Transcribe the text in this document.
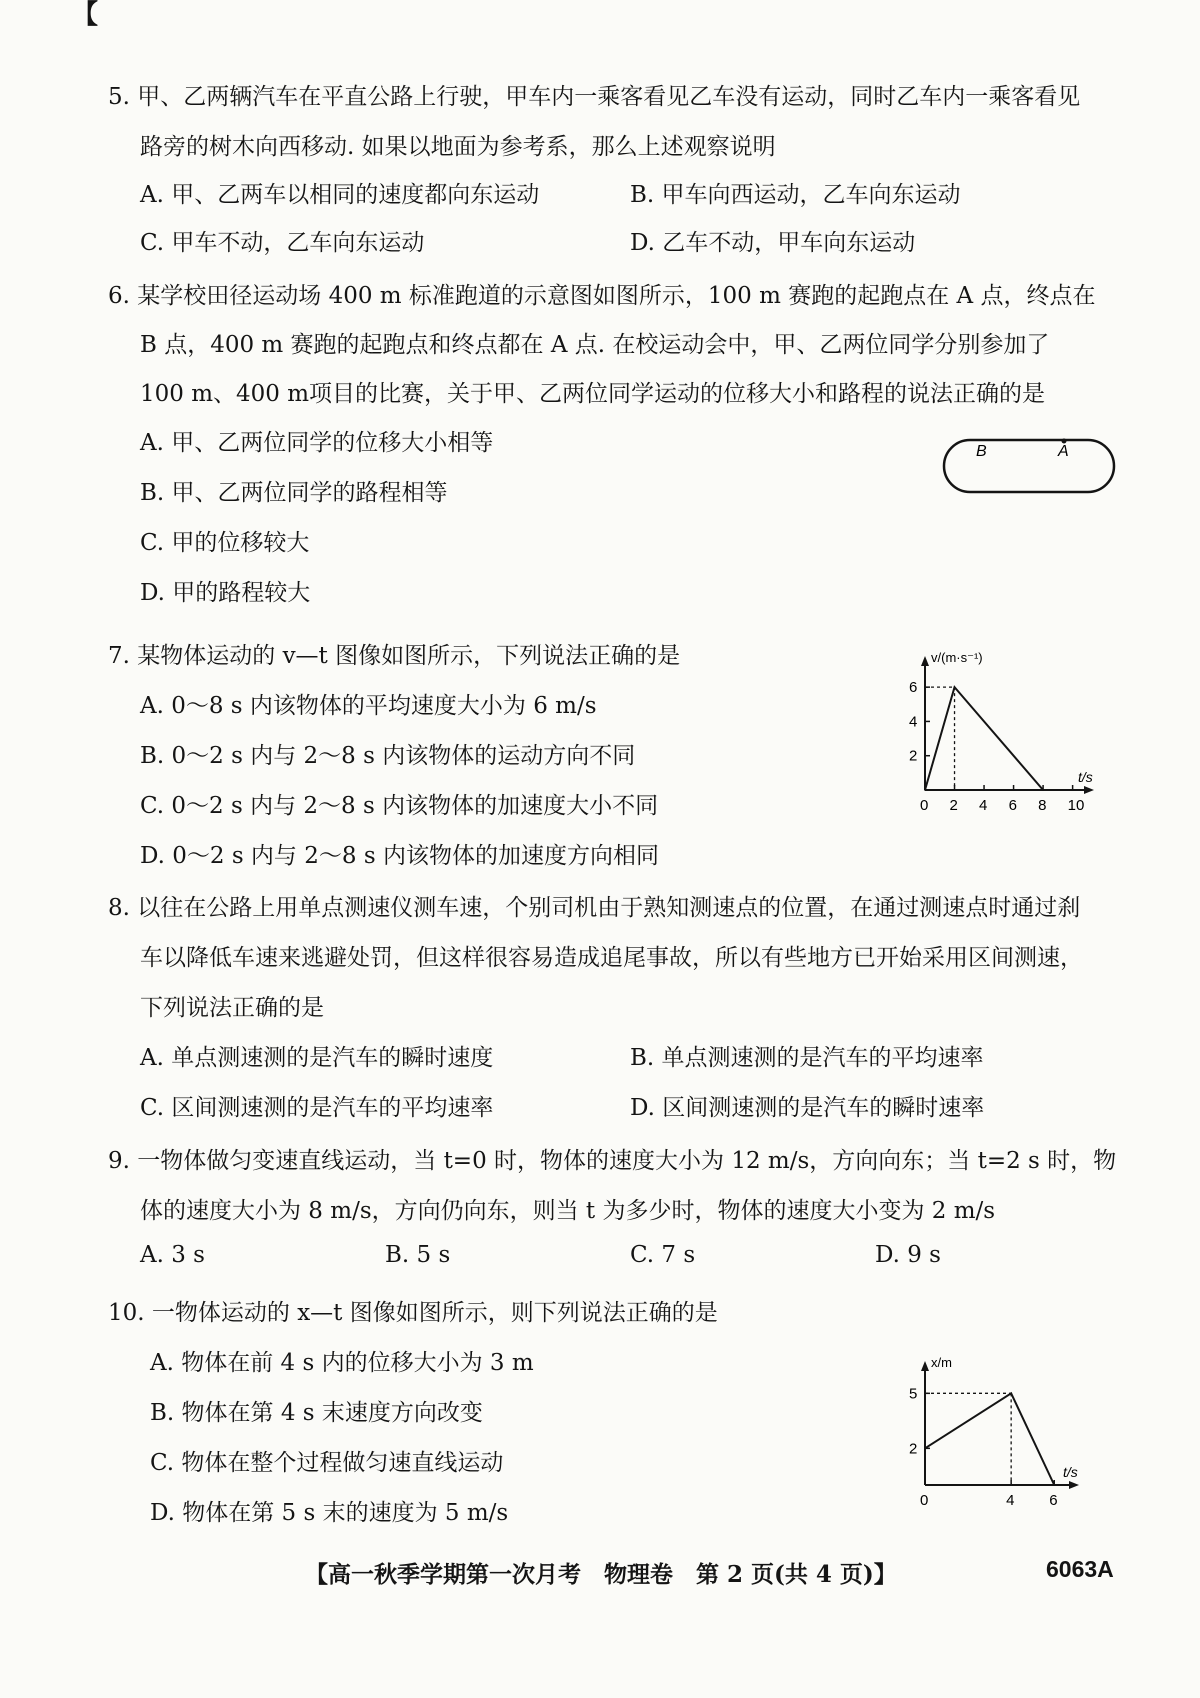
【
5. 甲、乙两辆汽车在平直公路上行驶，甲车内一乘客看见乙车没有运动，同时乙车内一乘客看见
路旁的树木向西移动. 如果以地面为参考系，那么上述观察说明
A. 甲、乙两车以相同的速度都向东运动	B. 甲车向西运动，乙车向东运动
C. 甲车不动，乙车向东运动	D. 乙车不动，甲车向东运动
6. 某学校田径运动场 400 m 标准跑道的示意图如图所示，100 m 赛跑的起跑点在 A 点，终点在
B 点，400 m 赛跑的起跑点和终点都在 A 点. 在校运动会中，甲、乙两位同学分别参加了
100 m、400 m项目的比赛，关于甲、乙两位同学运动的位移大小和路程的说法正确的是
A. 甲、乙两位同学的位移大小相等
B. 甲、乙两位同学的路程相等
C. 甲的位移较大
D. 甲的路程较大
B	A
7. 某物体运动的 v—t 图像如图所示，下列说法正确的是
A. 0～8 s 内该物体的平均速度大小为 6 m/s
B. 0～2 s 内与 2～8 s 内该物体的运动方向不同
C. 0～2 s 内与 2～8 s 内该物体的加速度大小不同
D. 0～2 s 内与 2～8 s 内该物体的加速度方向相同
v/(m·s⁻¹)
t/s
0 2 4 6 8 10
2
4
6
8. 以往在公路上用单点测速仪测车速，个别司机由于熟知测速点的位置，在通过测速点时通过刹
车以降低车速来逃避处罚，但这样很容易造成追尾事故，所以有些地方已开始采用区间测速，
下列说法正确的是
A. 单点测速测的是汽车的瞬时速度	B. 单点测速测的是汽车的平均速率
C. 区间测速测的是汽车的平均速率	D. 区间测速测的是汽车的瞬时速率
9. 一物体做匀变速直线运动，当 t=0 时，物体的速度大小为 12 m/s，方向向东；当 t=2 s 时，物
体的速度大小为 8 m/s，方向仍向东，则当 t 为多少时，物体的速度大小变为 2 m/s
A. 3 s	B. 5 s	C. 7 s	D. 9 s
10. 一物体运动的 x—t 图像如图所示，则下列说法正确的是
A. 物体在前 4 s 内的位移大小为 3 m
B. 物体在第 4 s 末速度方向改变
C. 物体在整个过程做匀速直线运动
D. 物体在第 5 s 末的速度为 5 m/s
x/m
t/s
0	4 6
2
5
【高一秋季学期第一次月考　物理卷　第 2 页(共 4 页)】	6063A
